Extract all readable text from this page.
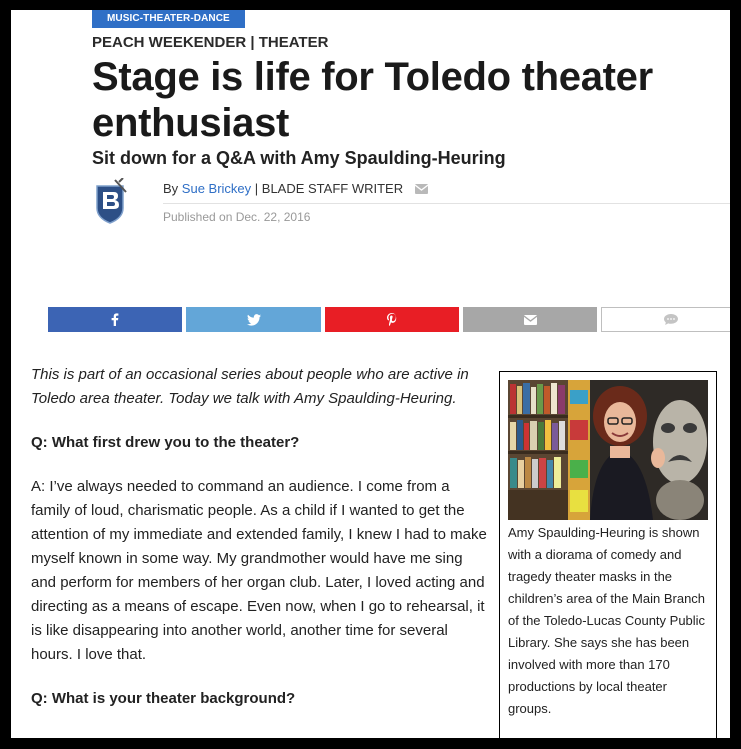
MUSIC-THEATER-DANCE
PEACH WEEKENDER | THEATER
Stage is life for Toledo theater enthusiast
Sit down for a Q&A with Amy Spaulding-Heuring
By Sue Brickey | BLADE STAFF WRITER
Published on Dec. 22, 2016

This is part of an occasional series about people who are active in Toledo area theater. Today we talk with Amy Spaulding-Heuring.

Q: What first drew you to the theater?

A: I’ve always needed to command an audience. I come from a family of loud, charismatic people. As a child if I wanted to get the attention of my immediate and extended family, I knew I had to make myself known in some way. My grandmother would have me sing and perform for members of her organ club. Later, I loved acting and directing as a means of escape. Even now, when I go to rehearsal, it is like disappearing into another world, another time for several hours. I love that.

Q: What is your theater background?

Amy Spaulding-Heuring is shown with a diorama of comedy and tragedy theater masks in the children’s area of the Main Branch of the Toledo-Lucas County Public Library. She says she has been involved with more than 170 productions by local theater groups.
